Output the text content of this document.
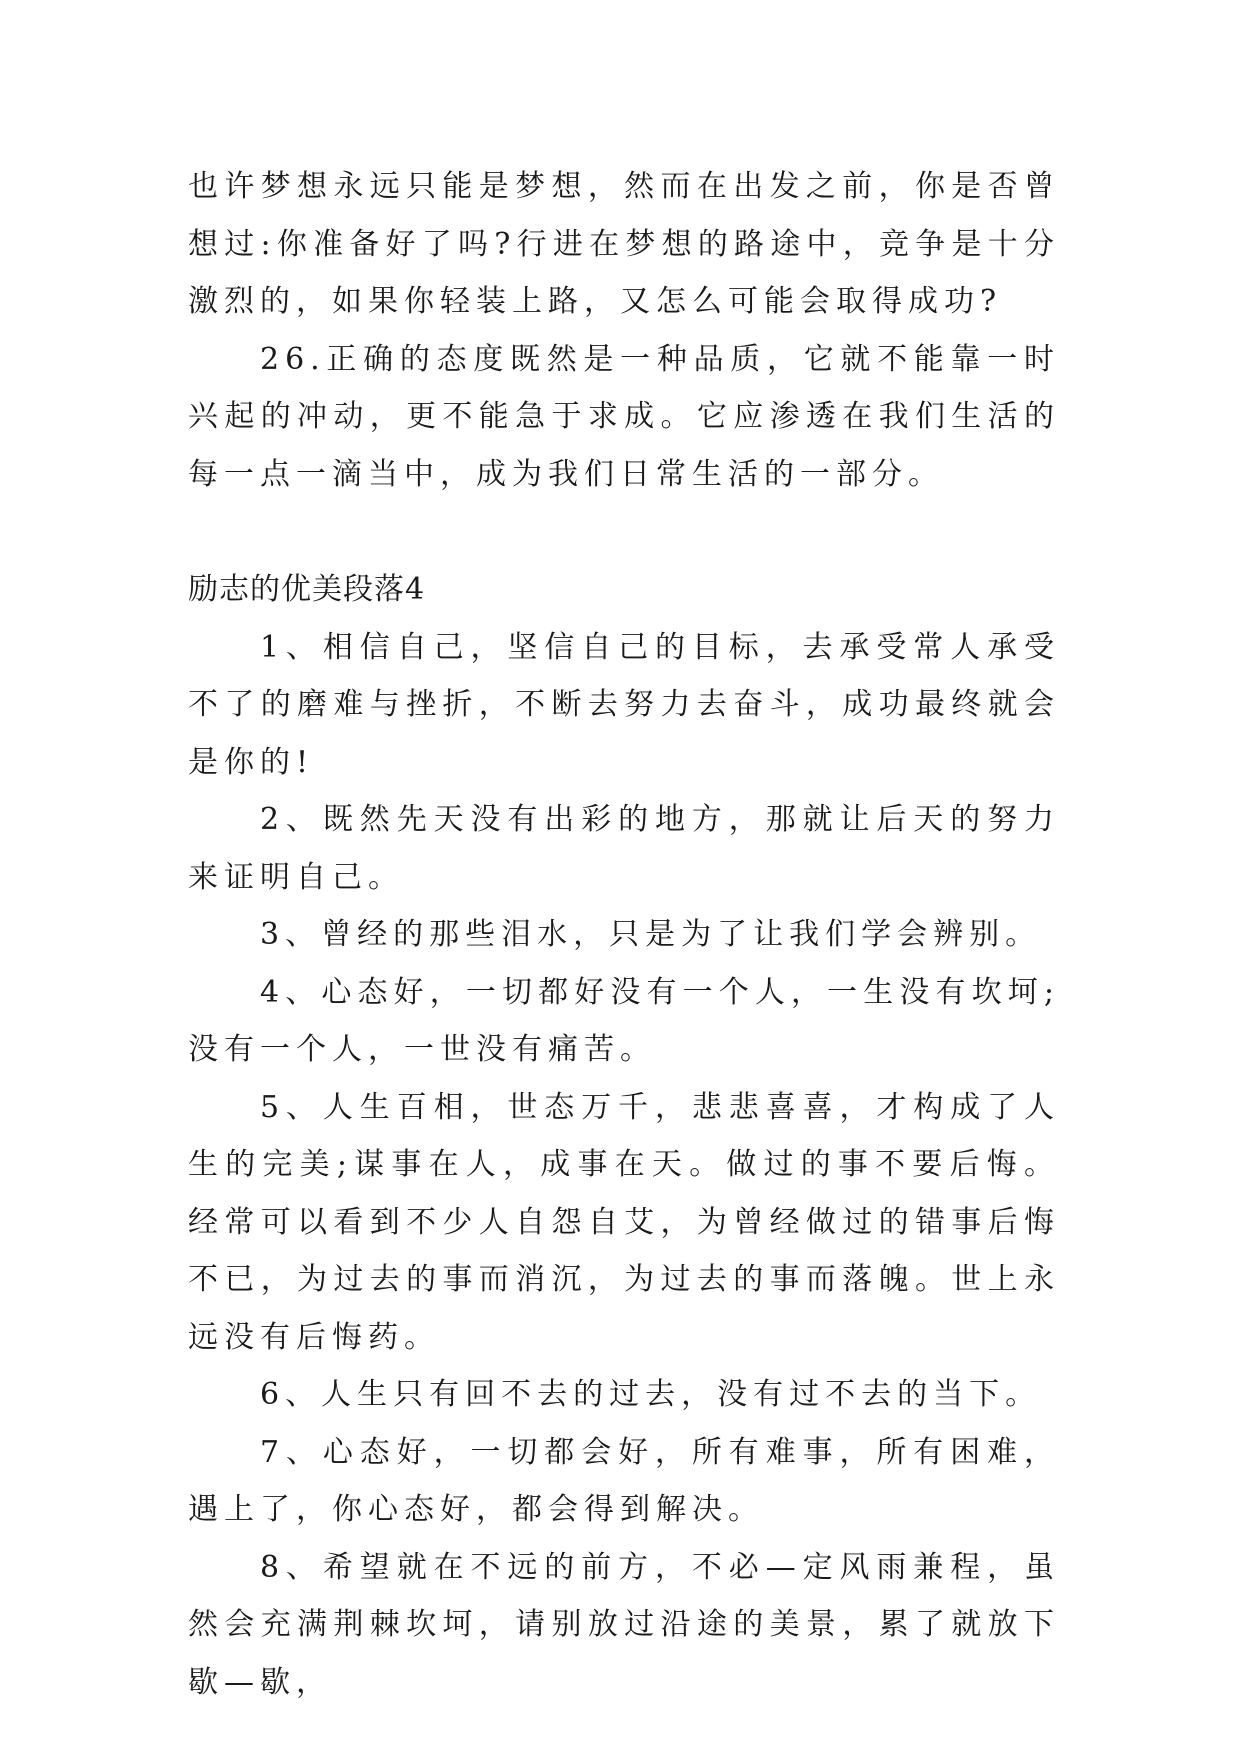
也许梦想永远只能是梦想，然而在出发之前，你是否曾想过:你准备好了吗?行进在梦想的路途中，竞争是十分激烈的，如果你轻装上路，又怎么可能会取得成功?

26.正确的态度既然是一种品质，它就不能靠一时兴起的冲动，更不能急于求成。它应渗透在我们生活的每一点一滴当中，成为我们日常生活的一部分。

励志的优美段落4

1、相信自己，坚信自己的目标，去承受常人承受不了的磨难与挫折，不断去努力去奋斗，成功最终就会是你的!

2、既然先天没有出彩的地方，那就让后天的努力来证明自己。

3、曾经的那些泪水，只是为了让我们学会辨别。

4、心态好，一切都好没有一个人，一生没有坎坷;没有一个人，一世没有痛苦。

5、人生百相，世态万千，悲悲喜喜，才构成了人生的完美;谋事在人，成事在天。做过的事不要后悔。经常可以看到不少人自怨自艾，为曾经做过的错事后悔不已，为过去的事而消沉，为过去的事而落魄。世上永远没有后悔药。

6、人生只有回不去的过去，没有过不去的当下。

7、心态好，一切都会好，所有难事，所有困难，遇上了，你心态好，都会得到解决。

8、希望就在不远的前方，不必—定风雨兼程，虽然会充满荆棘坎坷，请别放过沿途的美景，累了就放下歇—歇，
